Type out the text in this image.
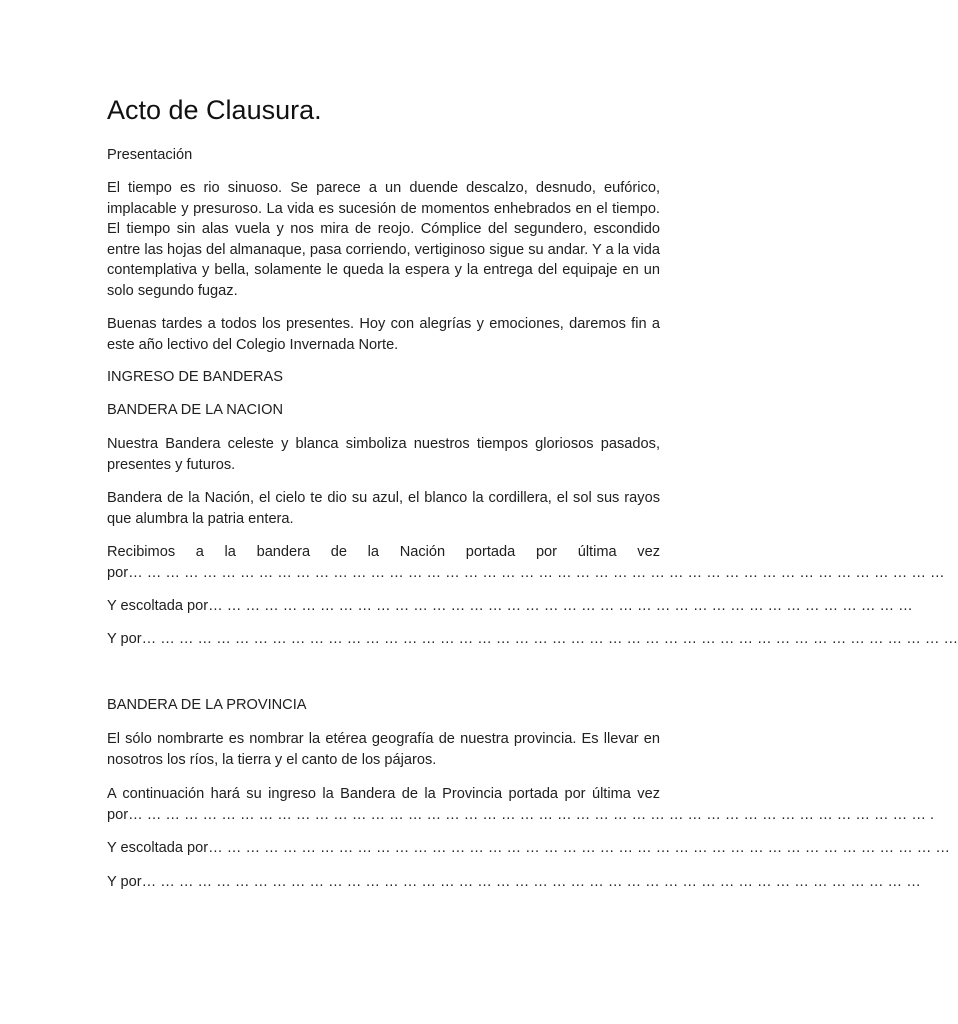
Acto de Clausura.

Presentación

El tiempo es rio sinuoso. Se parece a un duende descalzo, desnudo, eufórico, implacable y presuroso. La vida es sucesión de momentos enhebrados en el tiempo. El tiempo sin alas vuela y nos mira de reojo. Cómplice del segundero, escondido entre las hojas del almanaque, pasa corriendo, vertiginoso sigue su andar. Y a la vida contemplativa y bella, solamente le queda la espera y la entrega del equipaje en un solo segundo fugaz.

Buenas tardes a todos los presentes. Hoy con alegrías y emociones, daremos fin a este año lectivo del Colegio Invernada Norte.

INGRESO DE BANDERAS

BANDERA DE LA NACION

Nuestra Bandera celeste y blanca simboliza nuestros tiempos gloriosos pasados, presentes y futuros.

Bandera de la Nación, el cielo te dio su azul, el blanco la cordillera, el sol sus rayos que alumbra la patria entera.

Recibimos a la bandera de la Nación portada por última vez

por… … … … … … … … … … … … … … … … … … … … … … … … … … … … … … … … … … … … … … … … … … … …

Y escoltada por… … … … … … … … … … … … … … … … … … … … … … … … … … … … … … … … … … … … … …

Y por… … … … … … … … … … … … … … … … … … … … … … … … … … … … … … … … … … … … … … … … … … … …

BANDERA DE LA PROVINCIA

El sólo nombrarte es nombrar la etérea geografía de nuestra provincia. Es llevar en nosotros los ríos, la tierra y el canto de los pájaros.

A continuación hará su ingreso la Bandera de la Provincia portada por última vez

por… … … … … … … … … … … … … … … … … … … … … … … … … … … … … … … … … … … … … … … … … … … .

Y escoltada por… … … … … … … … … … … … … … … … … … … … … … … … … … … … … … … … … … … … … … … …

Y por… … … … … … … … … … … … … … … … … … … … … … … … … … … … … … … … … … … … … … … … … …
